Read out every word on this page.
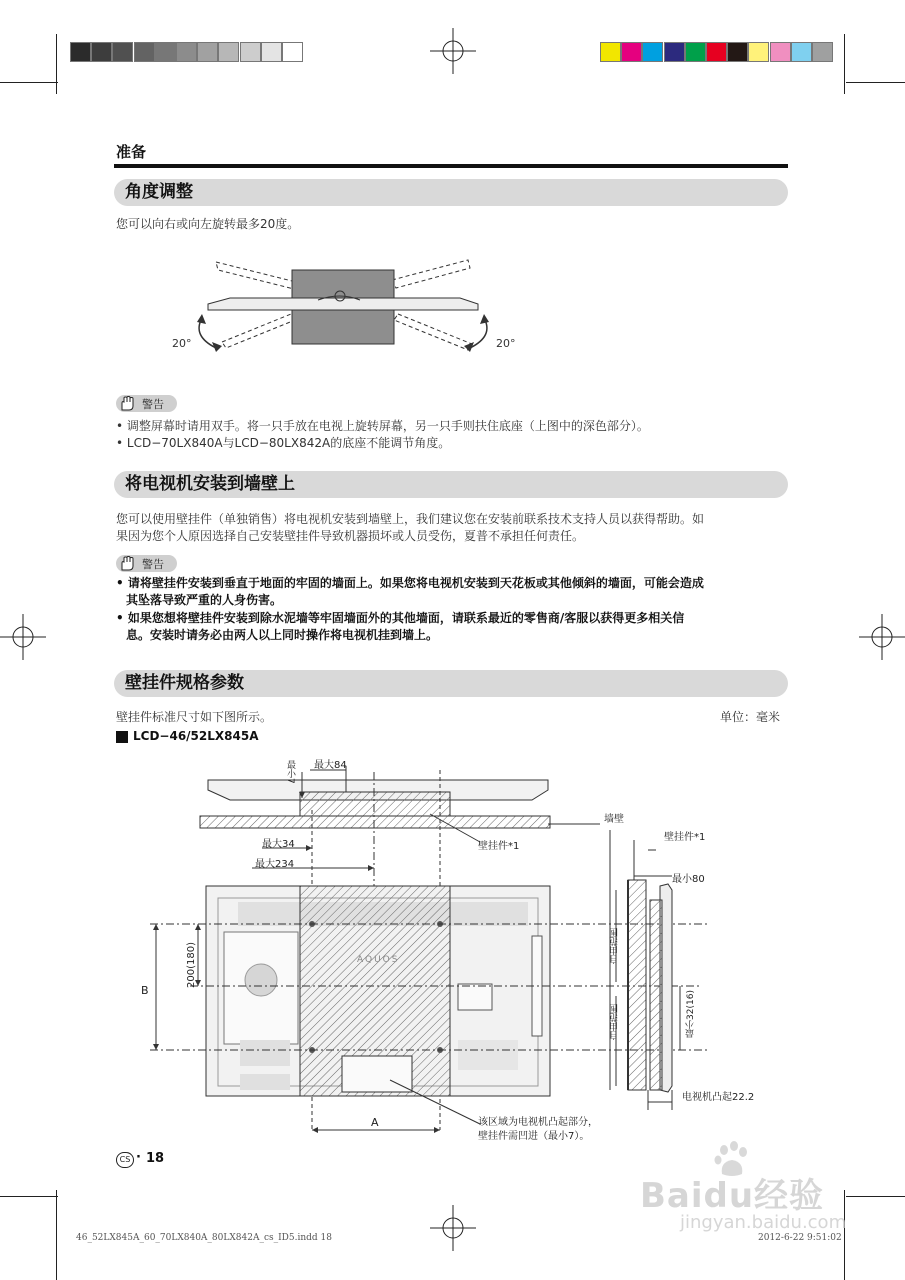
准备
角度调整
您可以向右或向左旋转最多20度。
20°	20°
警告
• 调整屏幕时请用双手。将一只手放在电视上旋转屏幕，另一只手则扶住底座（上图中的深色部分）。
• LCD−70LX840A与LCD−80LX842A的底座不能调节角度。
将电视机安装到墙壁上
您可以使用壁挂件（单独销售）将电视机安装到墙壁上，我们建议您在安装前联系技术支持人员以获得帮助。如
果因为您个人原因选择自己安装壁挂件导致机器损坏或人员受伤，夏普不承担任何责任。
警告
• 请将壁挂件安装到垂直于地面的牢固的墙面上。如果您将电视机安装到天花板或其他倾斜的墙面，可能会造成
其坠落导致严重的人身伤害。
• 如果您想将壁挂件安装到除水泥墙等牢固墙面外的其他墙面，请联系最近的零售商/客服以获得更多相关信
息。安装时请务必由两人以上同时操作将电视机挂到墙上。
壁挂件规格参数
壁挂件标准尺寸如下图所示。	单位：毫米
LCD−46/52LX845A
最小7 最大84
墙壁
壁挂件*1
壁挂件*1
最大34
最大234
最小80
B
200(180)	AQUOS	自由范围
自由范围	最小32(16)
A
电视机凸起22.2
该区域为电视机凸起部分，
壁挂件需凹进（最小7）。
CS · 18
46_52LX845A_60_70LX840A_80LX842A_cs_ID5.indd 18	2012-6-22 9:51:02
Baidu经验
jingyan.baidu.com
